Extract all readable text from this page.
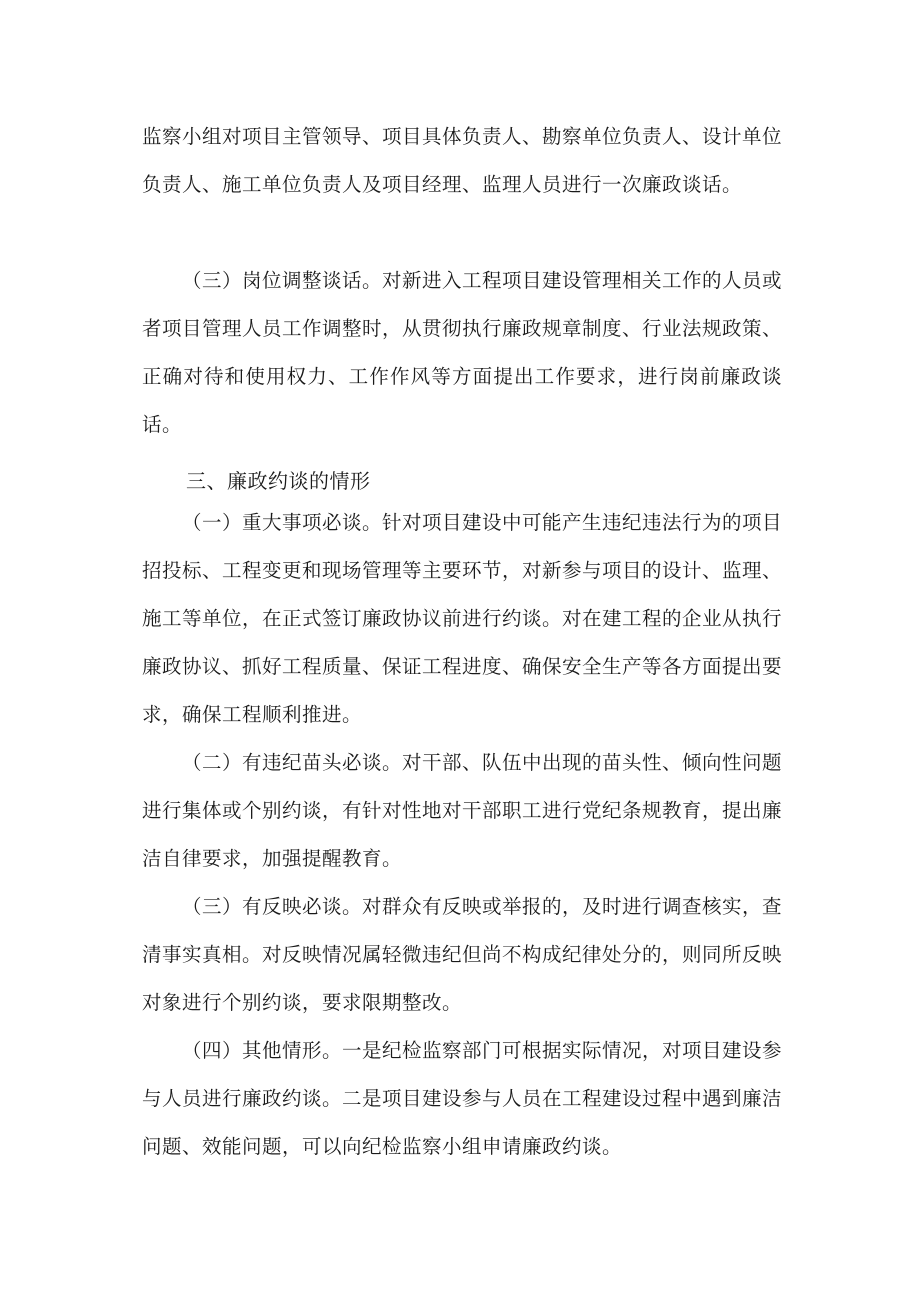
监察小组对项目主管领导、项目具体负责人、勘察单位负责人、设计单位负责人、施工单位负责人及项目经理、监理人员进行一次廉政谈话。

（三）岗位调整谈话。对新进入工程项目建设管理相关工作的人员或者项目管理人员工作调整时，从贯彻执行廉政规章制度、行业法规政策、正确对待和使用权力、工作作风等方面提出工作要求，进行岗前廉政谈话。

三、廉政约谈的情形

（一）重大事项必谈。针对项目建设中可能产生违纪违法行为的项目招投标、工程变更和现场管理等主要环节，对新参与项目的设计、监理、施工等单位，在正式签订廉政协议前进行约谈。对在建工程的企业从执行廉政协议、抓好工程质量、保证工程进度、确保安全生产等各方面提出要求，确保工程顺利推进。

（二）有违纪苗头必谈。对干部、队伍中出现的苗头性、倾向性问题进行集体或个别约谈，有针对性地对干部职工进行党纪条规教育，提出廉洁自律要求，加强提醒教育。

（三）有反映必谈。对群众有反映或举报的，及时进行调查核实，查清事实真相。对反映情况属轻微违纪但尚不构成纪律处分的，则同所反映对象进行个别约谈，要求限期整改。

（四）其他情形。一是纪检监察部门可根据实际情况，对项目建设参与人员进行廉政约谈。二是项目建设参与人员在工程建设过程中遇到廉洁问题、效能问题，可以向纪检监察小组申请廉政约谈。
